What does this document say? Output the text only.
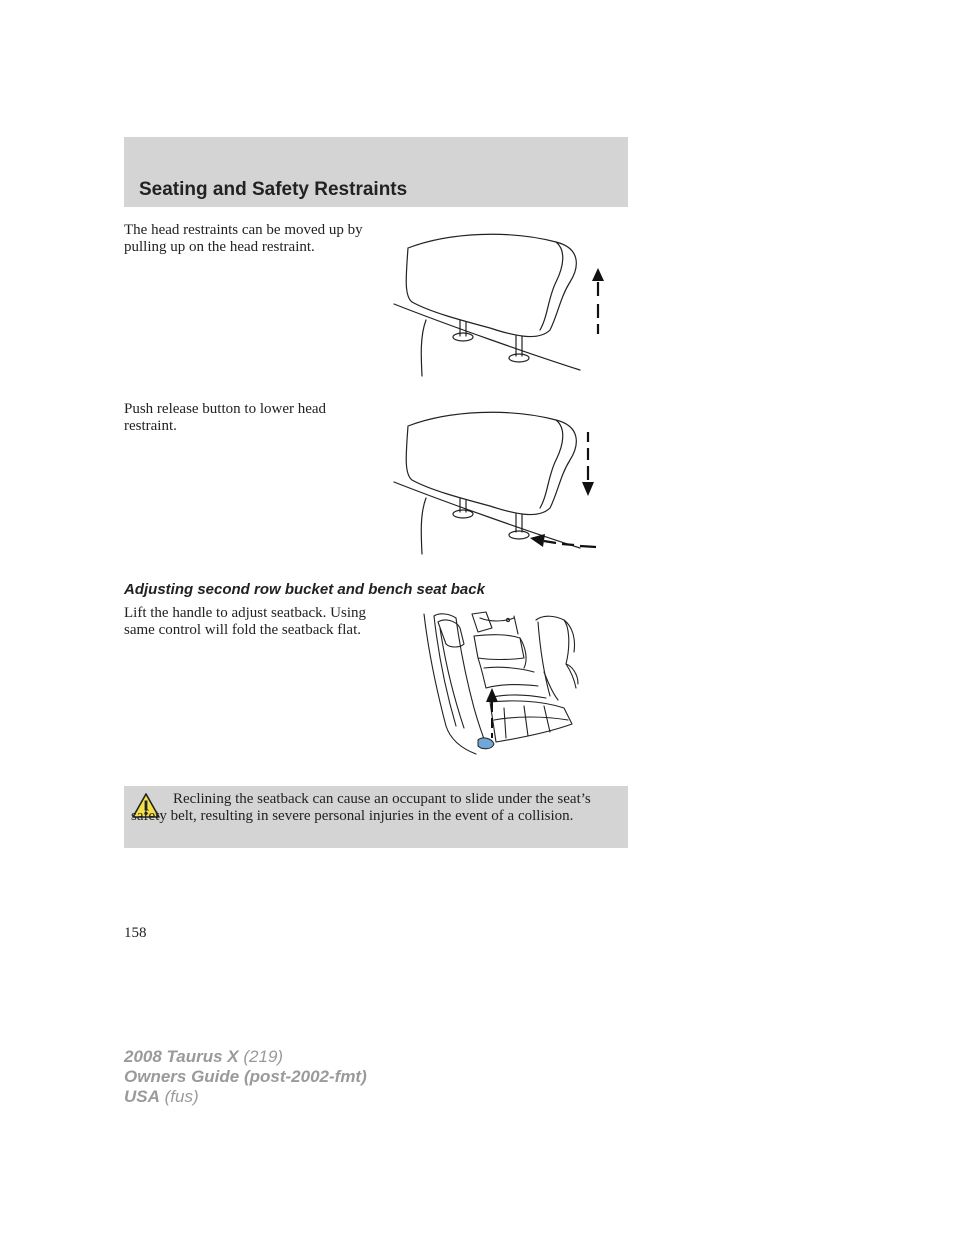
Seating and Safety Restraints

The head restraints can be moved up by pulling up on the head restraint.

Push release button to lower head restraint.

Adjusting second row bucket and bench seat back

Lift the handle to adjust seatback. Using same control will fold the seatback flat.

Reclining the seatback can cause an occupant to slide under the seat’s safety belt, resulting in severe personal injuries in the event of a collision.

158

2008 Taurus X (219)
Owners Guide (post-2002-fmt)
USA (fus)
